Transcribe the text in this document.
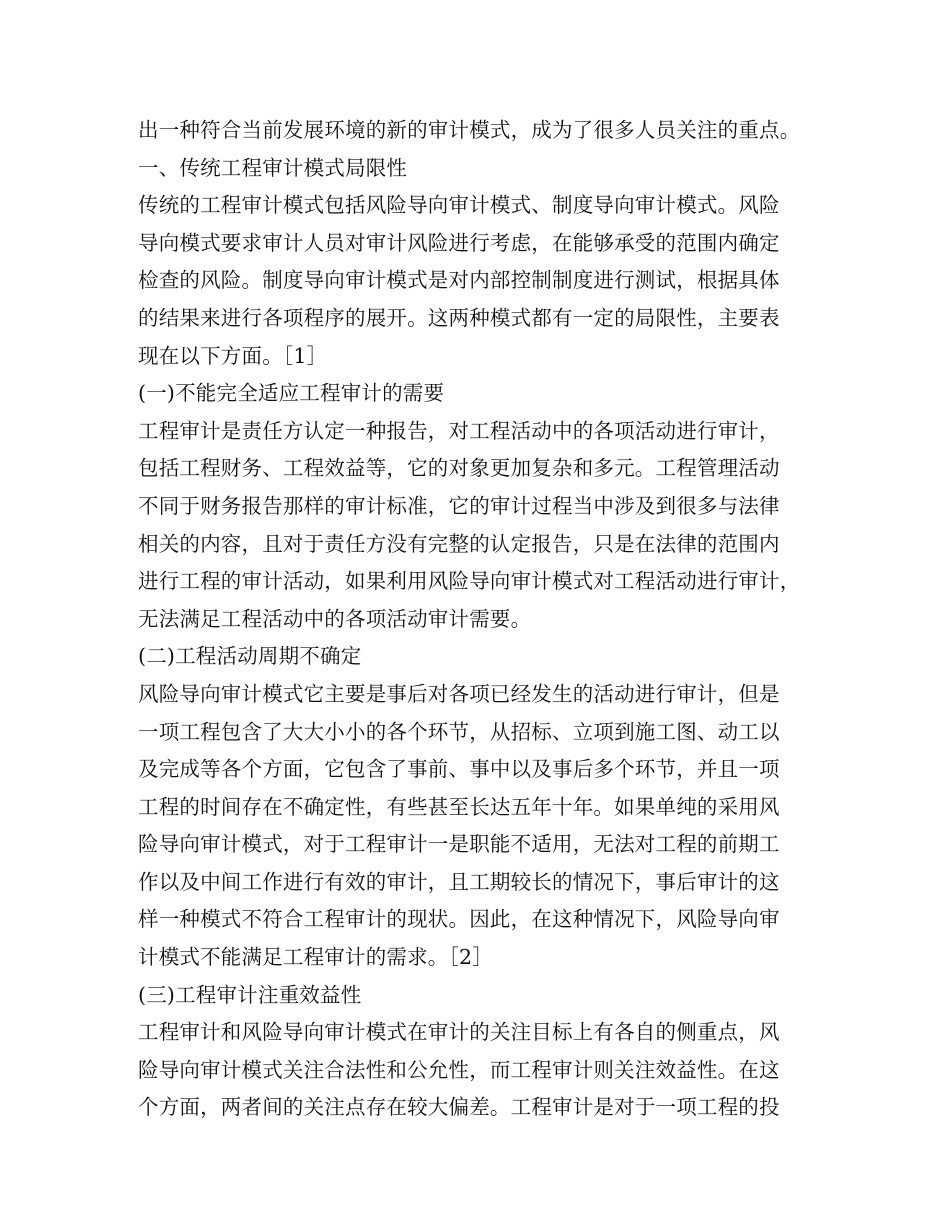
出一种符合当前发展环境的新的审计模式，成为了很多人员关注的重点。
一、传统工程审计模式局限性
传统的工程审计模式包括风险导向审计模式、制度导向审计模式。风险
导向模式要求审计人员对审计风险进行考虑，在能够承受的范围内确定
检查的风险。制度导向审计模式是对内部控制制度进行测试，根据具体
的结果来进行各项程序的展开。这两种模式都有一定的局限性，主要表
现在以下方面。［1］
(一)不能完全适应工程审计的需要
工程审计是责任方认定一种报告，对工程活动中的各项活动进行审计，
包括工程财务、工程效益等，它的对象更加复杂和多元。工程管理活动
不同于财务报告那样的审计标准，它的审计过程当中涉及到很多与法律
相关的内容，且对于责任方没有完整的认定报告，只是在法律的范围内
进行工程的审计活动，如果利用风险导向审计模式对工程活动进行审计，
无法满足工程活动中的各项活动审计需要。
(二)工程活动周期不确定
风险导向审计模式它主要是事后对各项已经发生的活动进行审计，但是
一项工程包含了大大小小的各个环节，从招标、立项到施工图、动工以
及完成等各个方面，它包含了事前、事中以及事后多个环节，并且一项
工程的时间存在不确定性，有些甚至长达五年十年。如果单纯的采用风
险导向审计模式，对于工程审计一是职能不适用，无法对工程的前期工
作以及中间工作进行有效的审计，且工期较长的情况下，事后审计的这
样一种模式不符合工程审计的现状。因此，在这种情况下，风险导向审
计模式不能满足工程审计的需求。［2］
(三)工程审计注重效益性
工程审计和风险导向审计模式在审计的关注目标上有各自的侧重点，风
险导向审计模式关注合法性和公允性，而工程审计则关注效益性。在这
个方面，两者间的关注点存在较大偏差。工程审计是对于一项工程的投
